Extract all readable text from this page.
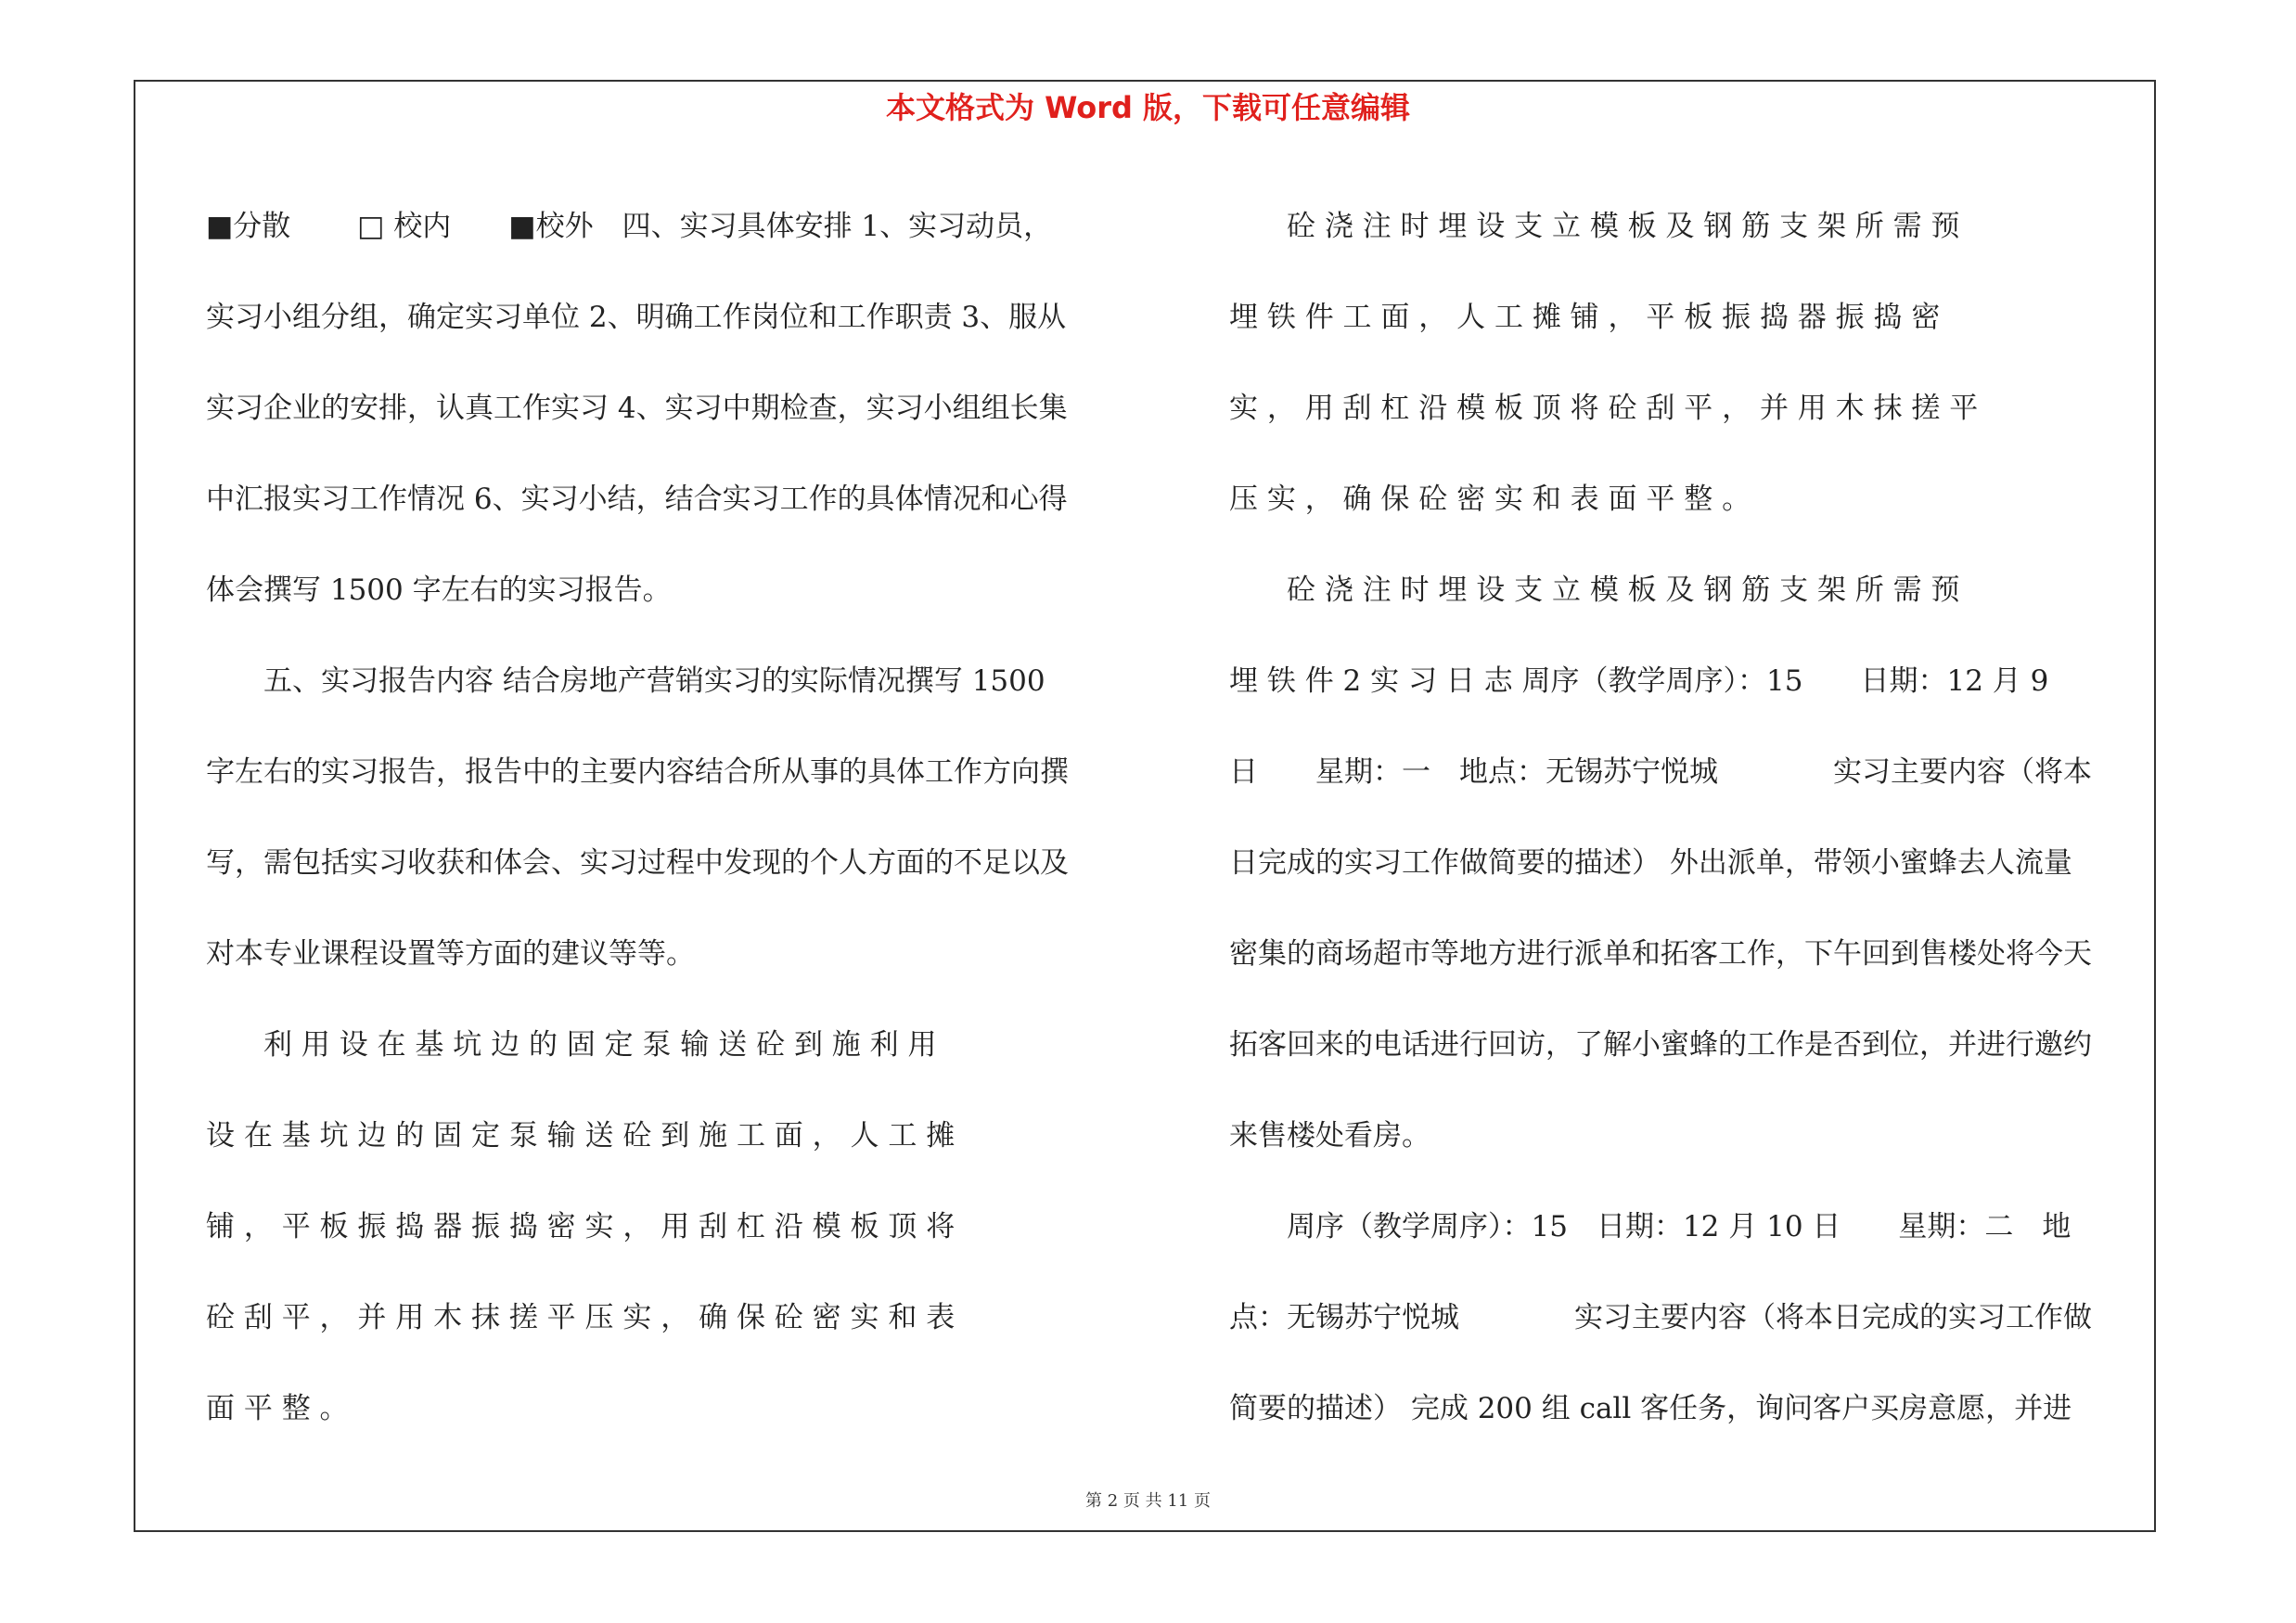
本文格式为 Word 版，下载可任意编辑
■分散　　 □ 校内　　■校外　四、实习具体安排 1、实习动员，
实习小组分组，确定实习单位 2、明确工作岗位和工作职责 3、服从
实习企业的安排，认真工作实习 4、实习中期检查，实习小组组长集
中汇报实习工作情况 6、实习小结，结合实习工作的具体情况和心得
体会撰写 1500 字左右的实习报告。
　　五、实习报告内容 结合房地产营销实习的实际情况撰写 1500
字左右的实习报告，报告中的主要内容结合所从事的具体工作方向撰
写，需包括实习收获和体会、实习过程中发现的个人方面的不足以及
对本专业课程设置等方面的建议等等。
　　利 用 设 在 基 坑 边 的 固 定 泵 输 送 砼 到 施 利 用
设 在 基 坑 边 的 固 定 泵 输 送 砼 到 施 工 面 ， 人 工 摊
铺 ， 平 板 振 捣 器 振 捣 密 实 ， 用 刮 杠 沿 模 板 顶 将
砼 刮 平 ， 并 用 木 抹 搓 平 压 实 ， 确 保 砼 密 实 和 表
面 平 整 。
　　砼 浇 注 时 埋 设 支 立 模 板 及 钢 筋 支 架 所 需 预
埋 铁 件 工 面 ， 人 工 摊 铺 ， 平 板 振 捣 器 振 捣 密
实 ， 用 刮 杠 沿 模 板 顶 将 砼 刮 平 ， 并 用 木 抹 搓 平
压 实 ， 确 保 砼 密 实 和 表 面 平 整 。
　　砼 浇 注 时 埋 设 支 立 模 板 及 钢 筋 支 架 所 需 预
埋 铁 件 2 实 习 日 志 周序（教学周序）：15　　日期：12 月 9
日　　星期：一　地点：无锡苏宁悦城　　　　实习主要内容（将本
日完成的实习工作做简要的描述） 外出派单，带领小蜜蜂去人流量
密集的商场超市等地方进行派单和拓客工作，下午回到售楼处将今天
拓客回来的电话进行回访，了解小蜜蜂的工作是否到位，并进行邀约
来售楼处看房。
　　周序（教学周序）：15　日期：12 月 10 日　　星期：二　地
点：无锡苏宁悦城　　　　实习主要内容（将本日完成的实习工作做
简要的描述） 完成 200 组 call 客任务，询问客户买房意愿，并进
第 2 页 共 11 页
